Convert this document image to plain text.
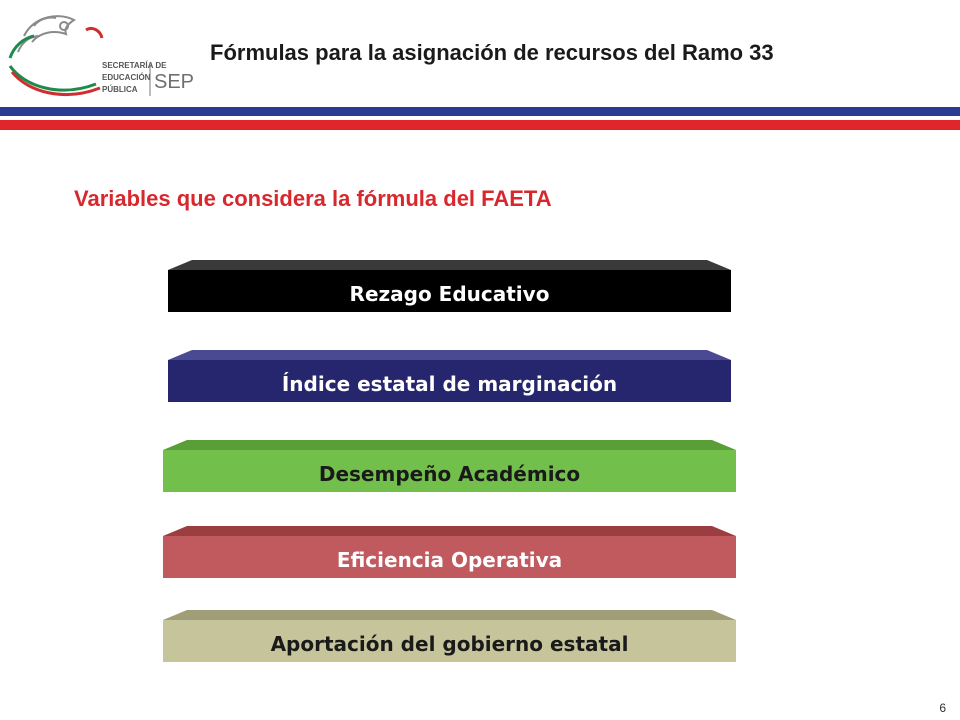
SECRETARÍA DE
EDUCACIÓN
PÚBLICA SEP
Fórmulas para la asignación de recursos del Ramo 33
Variables que considera la fórmula del FAETA
Rezago Educativo
Índice estatal de marginación
Desempeño Académico
Eficiencia Operativa
Aportación del gobierno estatal
6
